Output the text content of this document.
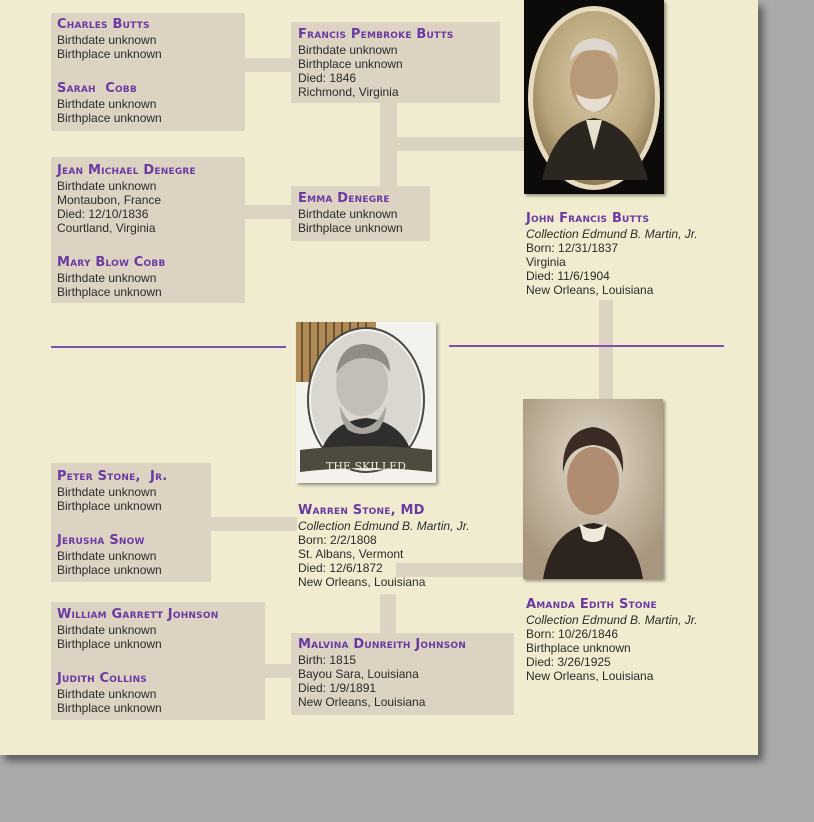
Charles Butts
Birthdate unknown
Birthplace unknown
Sarah  Cobb
Birthdate unknown
Birthplace unknown
Jean Michael Denegre
Birthdate unknown
Montaubon, France
Died: 12/10/1836
Courtland, Virginia
Mary Blow Cobb
Birthdate unknown
Birthplace unknown
Francis Pembroke Butts
Birthdate unknown
Birthplace unknown
Died: 1846
Richmond, Virginia
Emma Denegre
Birthdate unknown
Birthplace unknown
John Francis Butts
Collection Edmund B. Martin, Jr.
Born: 12/31/1837
Virginia
Died: 11/6/1904
New Orleans, Louisiana
THE SKILLED
Peter Stone,  Jr.
Birthdate unknown
Birthplace unknown
Jerusha Snow
Birthdate unknown
Birthplace unknown
William Garrett Johnson
Birthdate unknown
Birthplace unknown
Judith Collins
Birthdate unknown
Birthplace unknown
Warren Stone, MD
Collection Edmund B. Martin, Jr.
Born: 2/2/1808
St. Albans, Vermont
Died: 12/6/1872
New Orleans, Louisiana
Malvina Dunreith Johnson
Birth: 1815
Bayou Sara, Louisiana
Died: 1/9/1891
New Orleans, Louisiana
Amanda Edith Stone
Collection Edmund B. Martin, Jr.
Born: 10/26/1846
Birthplace unknown
Died: 3/26/1925
New Orleans, Louisiana
